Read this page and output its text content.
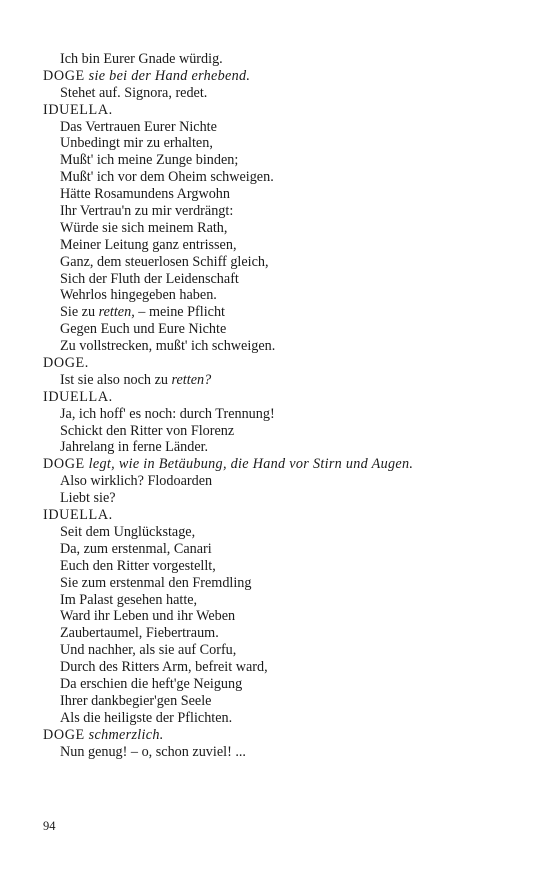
Ich bin Eurer Gnade würdig.
DOGE sie bei der Hand erhebend.
Stehet auf. Signora, redet.
IDUELLA.
Das Vertrauen Eurer Nichte
Unbedingt mir zu erhalten,
Mußt' ich meine Zunge binden;
Mußt' ich vor dem Oheim schweigen.
Hätte Rosamundens Argwohn
Ihr Vertrau'n zu mir verdrängt:
Würde sie sich meinem Rath,
Meiner Leitung ganz entrissen,
Ganz, dem steuerlosen Schiff gleich,
Sich der Fluth der Leidenschaft
Wehrlos hingegeben haben.
Sie zu retten, – meine Pflicht
Gegen Euch und Eure Nichte
Zu vollstrecken, mußt' ich schweigen.
DOGE.
Ist sie also noch zu retten?
IDUELLA.
Ja, ich hoff' es noch: durch Trennung!
Schickt den Ritter von Florenz
Jahrelang in ferne Länder.
DOGE legt, wie in Betäubung, die Hand vor Stirn und Augen.
Also wirklich? Flodoarden
Liebt sie?
IDUELLA.
Seit dem Unglückstage,
Da, zum erstenmal, Canari
Euch den Ritter vorgestellt,
Sie zum erstenmal den Fremdling
Im Palast gesehen hatte,
Ward ihr Leben und ihr Weben
Zaubertaumel, Fiebertraum.
Und nachher, als sie auf Corfu,
Durch des Ritters Arm, befreit ward,
Da erschien die heft'ge Neigung
Ihrer dankbegier'gen Seele
Als die heiligste der Pflichten.
DOGE schmerzlich.
Nun genug! – o, schon zuviel! ...
94
